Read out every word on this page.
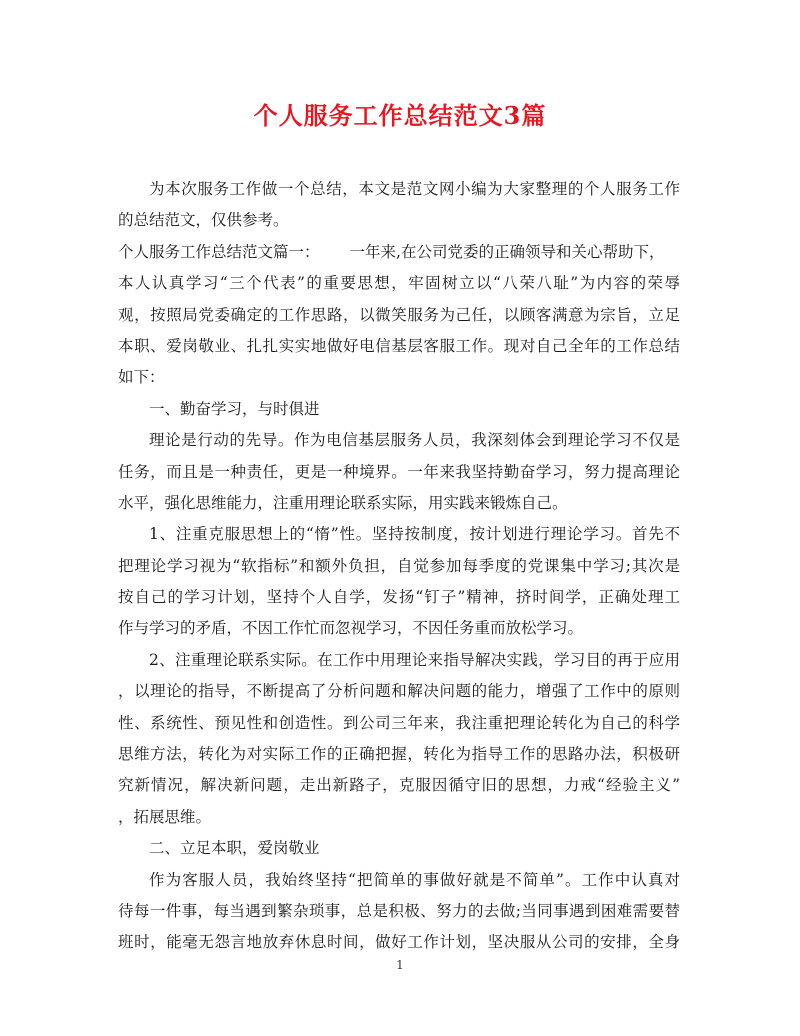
个人服务工作总结范文3篇
为本次服务工作做一个总结，本文是范文网小编为大家整理的个人服务工作
的总结范文，仅供参考。
个人服务工作总结范文篇一： 一年来,在公司党委的正确领导和关心帮助下，
本人认真学习“三个代表”的重要思想，牢固树立以“八荣八耻”为内容的荣辱
观，按照局党委确定的工作思路，以微笑服务为己任，以顾客满意为宗旨，立足
本职、爱岗敬业、扎扎实实地做好电信基层客服工作。现对自己全年的工作总结
如下：
一、勤奋学习，与时俱进
理论是行动的先导。作为电信基层服务人员，我深刻体会到理论学习不仅是
任务，而且是一种责任，更是一种境界。一年来我坚持勤奋学习，努力提高理论
水平，强化思维能力，注重用理论联系实际，用实践来锻炼自己。
1、注重克服思想上的“惰”性。坚持按制度，按计划进行理论学习。首先不
把理论学习视为“软指标”和额外负担，自觉参加每季度的党课集中学习;其次是
按自己的学习计划，坚持个人自学，发扬“钉子”精神，挤时间学，正确处理工
作与学习的矛盾，不因工作忙而忽视学习，不因任务重而放松学习。
2、注重理论联系实际。在工作中用理论来指导解决实践，学习目的再于应用
，以理论的指导，不断提高了分析问题和解决问题的能力，增强了工作中的原则
性、系统性、预见性和创造性。到公司三年来，我注重把理论转化为自己的科学
思维方法，转化为对实际工作的正确把握，转化为指导工作的思路办法，积极研
究新情况，解决新问题，走出新路子，克服因循守旧的思想，力戒“经验主义”
，拓展思维。
二、立足本职，爱岗敬业
作为客服人员，我始终坚持“把简单的事做好就是不简单”。工作中认真对
待每一件事，每当遇到繁杂琐事，总是积极、努力的去做;当同事遇到困难需要替
班时，能毫无怨言地放弃休息时间，做好工作计划，坚决服从公司的安排，全身
1
